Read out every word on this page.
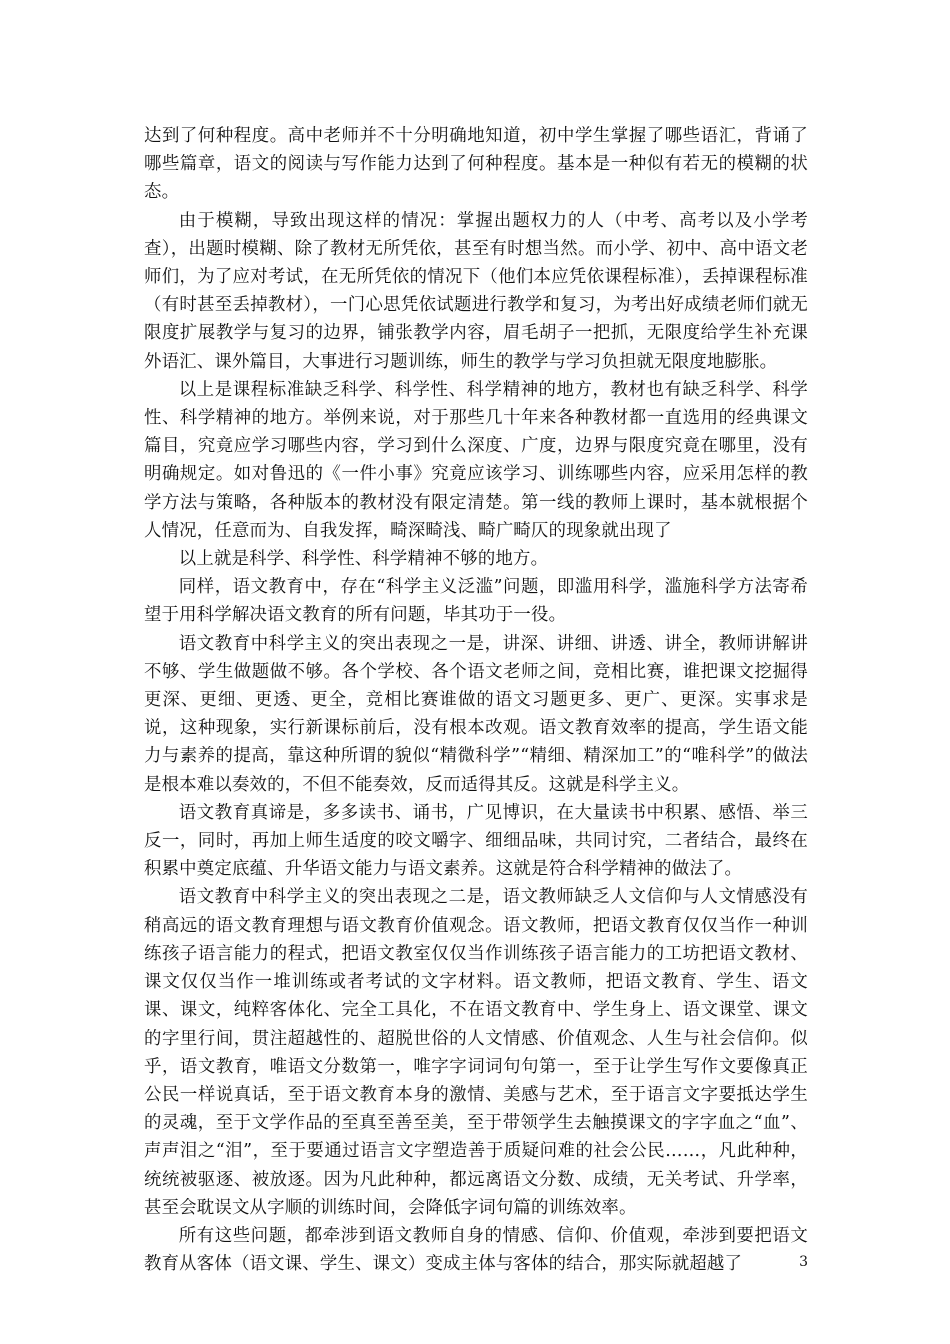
达到了何种程度。高中老师并不十分明确地知道，初中学生掌握了哪些语汇，背诵了哪些篇章，语文的阅读与写作能力达到了何种程度。基本是一种似有若无的模糊的状态。

由于模糊，导致出现这样的情况：掌握出题权力的人（中考、高考以及小学考查），出题时模糊、除了教材无所凭依，甚至有时想当然。而小学、初中、高中语文老师们，为了应对考试，在无所凭依的情况下（他们本应凭依课程标准），丢掉课程标准（有时甚至丢掉教材），一门心思凭依试题进行教学和复习，为考出好成绩老师们就无限度扩展教学与复习的边界，铺张教学内容，眉毛胡子一把抓，无限度给学生补充课外语汇、课外篇目，大事进行习题训练，师生的教学与学习负担就无限度地膨胀。

以上是课程标准缺乏科学、科学性、科学精神的地方，教材也有缺乏科学、科学性、科学精神的地方。举例来说，对于那些几十年来各种教材都一直选用的经典课文篇目，究竟应学习哪些内容，学习到什么深度、广度，边界与限度究竟在哪里，没有明确规定。如对鲁迅的《一件小事》究竟应该学习、训练哪些内容，应采用怎样的教学方法与策略，各种版本的教材没有限定清楚。第一线的教师上课时，基本就根据个人情况，任意而为、自我发挥，畸深畸浅、畸广畸仄的现象就出现了

以上就是科学、科学性、科学精神不够的地方。

同样，语文教育中，存在“科学主义泛滥”问题，即滥用科学，滥施科学方法寄希望于用科学解决语文教育的所有问题，毕其功于一役。

语文教育中科学主义的突出表现之一是，讲深、讲细、讲透、讲全，教师讲解讲不够、学生做题做不够。各个学校、各个语文老师之间，竞相比赛，谁把课文挖掘得更深、更细、更透、更全，竞相比赛谁做的语文习题更多、更广、更深。实事求是说，这种现象，实行新课标前后，没有根本改观。语文教育效率的提高，学生语文能力与素养的提高，靠这种所谓的貌似“精微科学”“精细、精深加工”的“唯科学”的做法是根本难以奏效的，不但不能奏效，反而适得其反。这就是科学主义。

语文教育真谛是，多多读书、诵书，广见博识，在大量读书中积累、感悟、举三反一，同时，再加上师生适度的咬文嚼字、细细品味，共同讨究，二者结合，最终在积累中奠定底蕴、升华语文能力与语文素养。这就是符合科学精神的做法了。

语文教育中科学主义的突出表现之二是，语文教师缺乏人文信仰与人文情感没有稍高远的语文教育理想与语文教育价值观念。语文教师，把语文教育仅仅当作一种训练孩子语言能力的程式，把语文教室仅仅当作训练孩子语言能力的工坊把语文教材、课文仅仅当作一堆训练或者考试的文字材料。语文教师，把语文教育、学生、语文课、课文，纯粹客体化、完全工具化，不在语文教育中、学生身上、语文课堂、课文的字里行间，贯注超越性的、超脱世俗的人文情感、价值观念、人生与社会信仰。似乎，语文教育，唯语文分数第一，唯字字词词句句第一，至于让学生写作文要像真正公民一样说真话，至于语文教育本身的激情、美感与艺术，至于语言文字要抵达学生的灵魂，至于文学作品的至真至善至美，至于带领学生去触摸课文的字字血之“血”、声声泪之“泪”，至于要通过语言文字塑造善于质疑问难的社会公民……，凡此种种，统统被驱逐、被放逐。因为凡此种种，都远离语文分数、成绩，无关考试、升学率，甚至会耽误文从字顺的训练时间，会降低字词句篇的训练效率。

所有这些问题，都牵涉到语文教师自身的情感、信仰、价值观，牵涉到要把语文教育从客体（语文课、学生、课文）变成主体与客体的结合，那实际就超越了	3
